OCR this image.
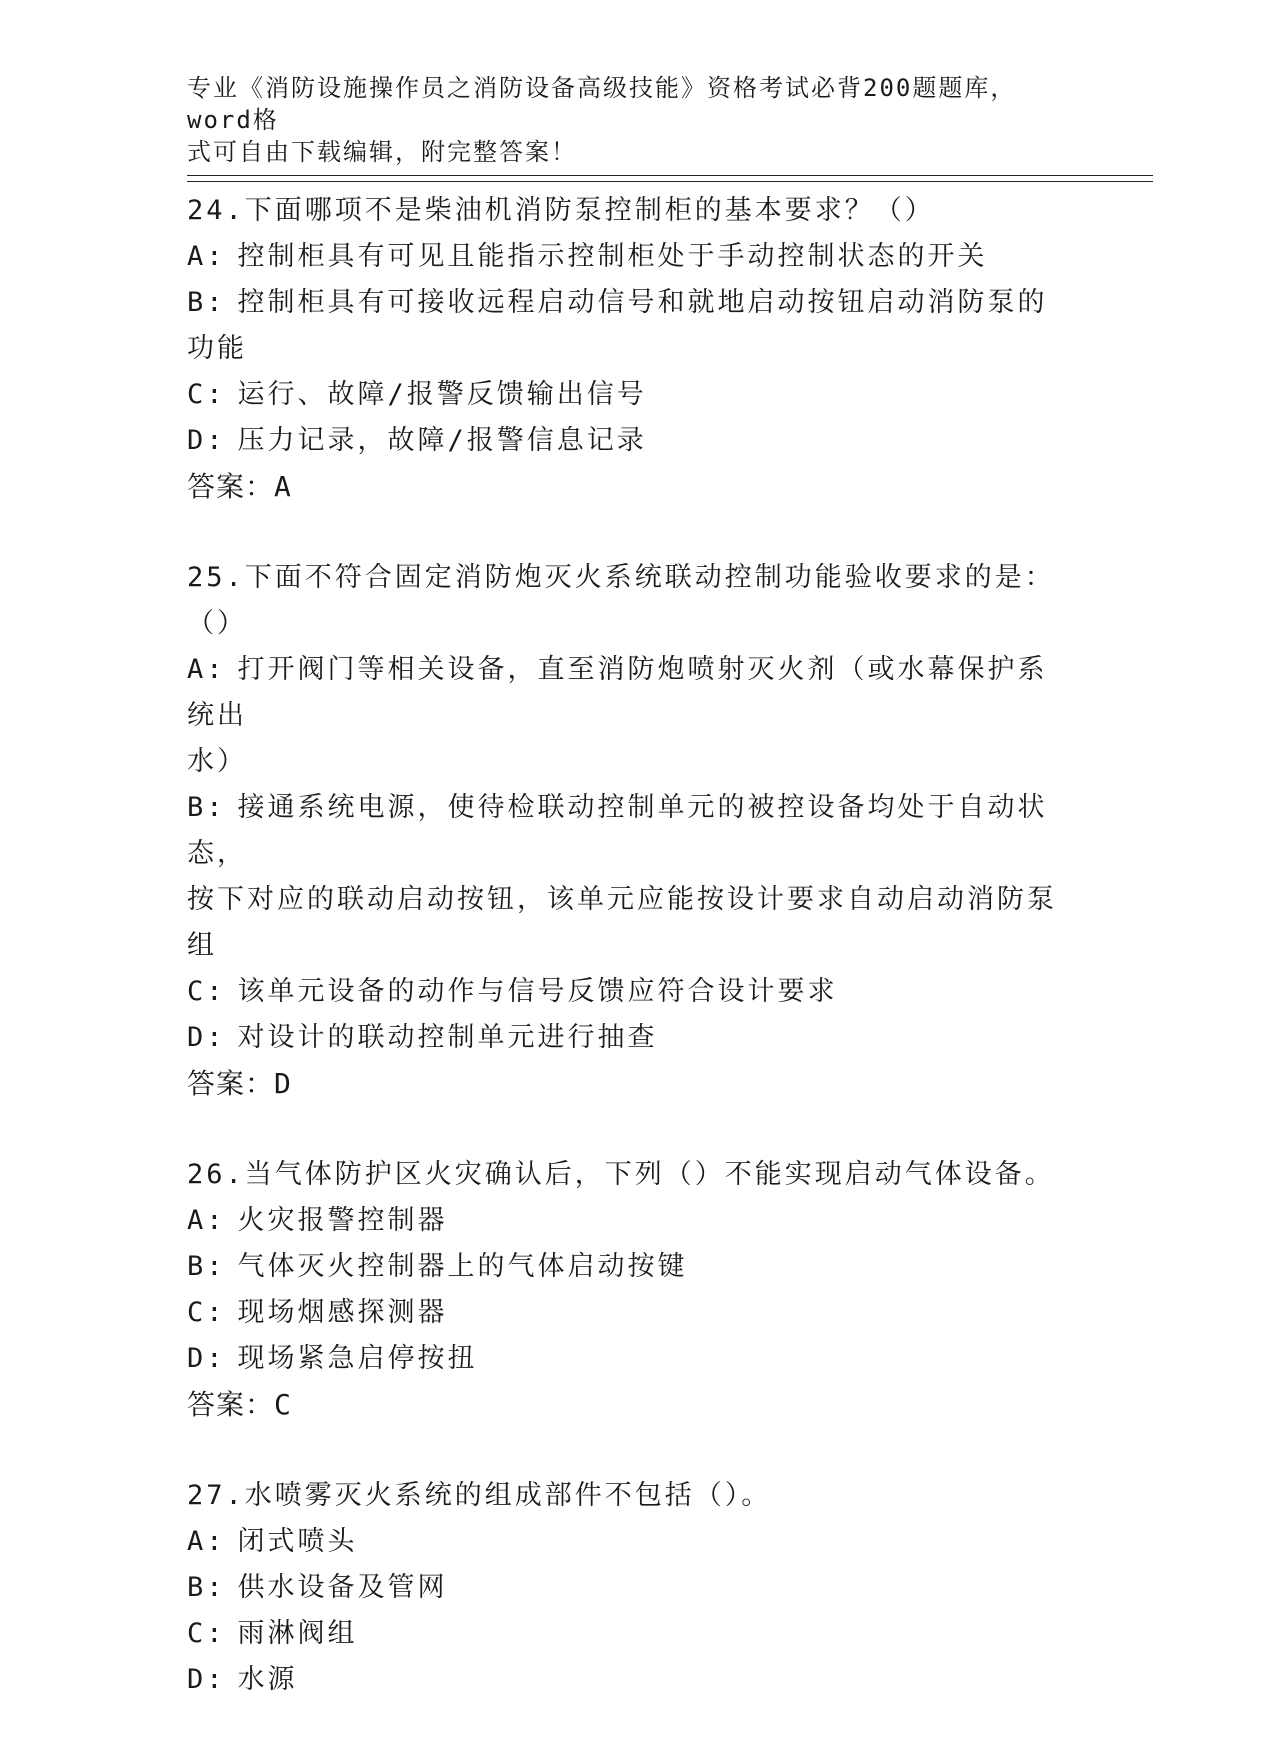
专业《消防设施操作员之消防设备高级技能》资格考试必背200题题库，word格
式可自由下载编辑，附完整答案！

24.下面哪项不是柴油机消防泵控制柜的基本要求？（）

A: 控制柜具有可见且能指示控制柜处于手动控制状态的开关

B: 控制柜具有可接收远程启动信号和就地启动按钮启动消防泵的功能

C: 运行、故障/报警反馈输出信号

D: 压力记录，故障/报警信息记录

答案：A

25.下面不符合固定消防炮灭火系统联动控制功能验收要求的是：（）

A: 打开阀门等相关设备，直至消防炮喷射灭火剂（或水幕保护系统出

水）

B: 接通系统电源，使待检联动控制单元的被控设备均处于自动状态，

按下对应的联动启动按钮，该单元应能按设计要求自动启动消防泵组

C: 该单元设备的动作与信号反馈应符合设计要求

D: 对设计的联动控制单元进行抽查

答案：D

26.当气体防护区火灾确认后，下列（）不能实现启动气体设备。

A: 火灾报警控制器

B: 气体灭火控制器上的气体启动按键

C: 现场烟感探测器

D: 现场紧急启停按扭

答案：C

27.水喷雾灭火系统的组成部件不包括（）。

A: 闭式喷头

B: 供水设备及管网

C: 雨淋阀组

D: 水源
